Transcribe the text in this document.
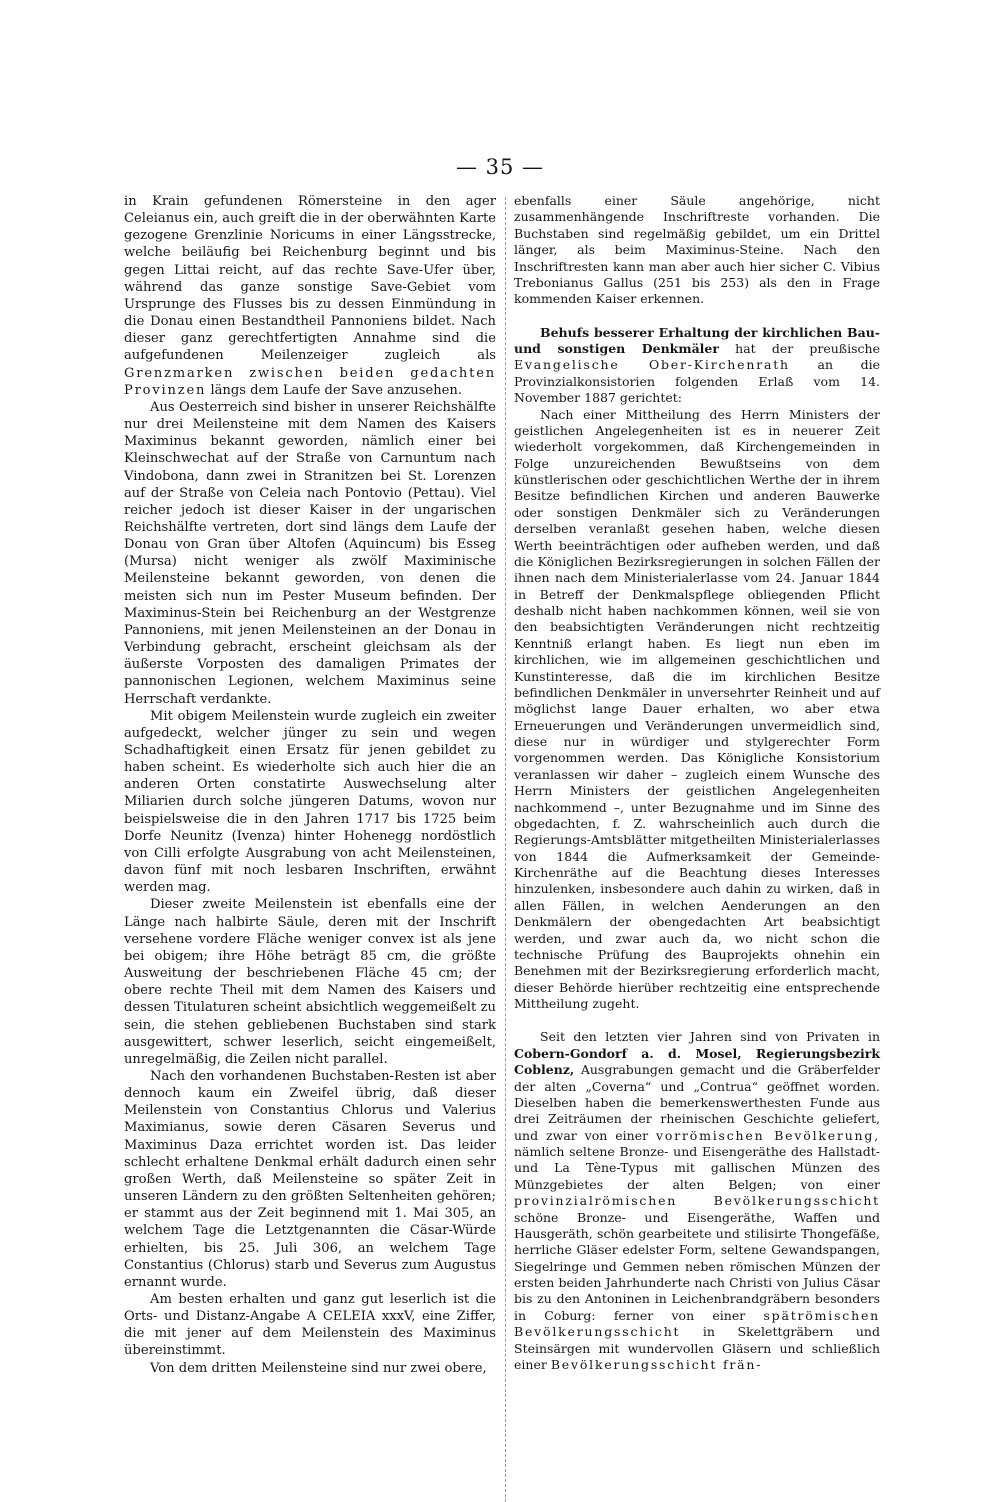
— 35 —

in Krain gefundenen Römersteine in den ager Celeianus ein, auch greift die in der oberwähnten Karte gezogene Grenzlinie Noricums in einer Längsstrecke, welche beiläufig bei Reichenburg beginnt und bis gegen Littai reicht, auf das rechte Save-Ufer über, während das ganze sonstige Save-Gebiet vom Ursprunge des Flusses bis zu dessen Einmündung in die Donau einen Bestandtheil Pannoniens bildet. Nach dieser ganz gerechtfertigten Annahme sind die aufgefundenen Meilenzeiger zugleich als Grenzmarken zwischen beiden gedachten Provinzen längs dem Laufe der Save anzusehen.

Aus Oesterreich sind bisher in unserer Reichshälfte nur drei Meilensteine mit dem Namen des Kaisers Maximinus bekannt geworden, nämlich einer bei Kleinschwechat auf der Straße von Carnuntum nach Vindobona, dann zwei in Stranitzen bei St. Lorenzen auf der Straße von Celeia nach Pontovio (Pettau). Viel reicher jedoch ist dieser Kaiser in der ungarischen Reichshälfte vertreten, dort sind längs dem Laufe der Donau von Gran über Altofen (Aquincum) bis Esseg (Mursa) nicht weniger als zwölf Maximinische Meilensteine bekannt geworden, von denen die meisten sich nun im Pester Museum befinden. Der Maximinus-Stein bei Reichenburg an der Westgrenze Pannoniens, mit jenen Meilensteinen an der Donau in Verbindung gebracht, erscheint gleichsam als der äußerste Vorposten des damaligen Primates der pannonischen Legionen, welchem Maximinus seine Herrschaft verdankte.

Mit obigem Meilenstein wurde zugleich ein zweiter aufgedeckt, welcher jünger zu sein und wegen Schadhaftigkeit einen Ersatz für jenen gebildet zu haben scheint. Es wiederholte sich auch hier die an anderen Orten constatirte Auswechselung alter Miliarien durch solche jüngeren Datums, wovon nur beispielsweise die in den Jahren 1717 bis 1725 beim Dorfe Neunitz (Ivenza) hinter Hohenegg nordöstlich von Cilli erfolgte Ausgrabung von acht Meilensteinen, davon fünf mit noch lesbaren Inschriften, erwähnt werden mag.

Dieser zweite Meilenstein ist ebenfalls eine der Länge nach halbirte Säule, deren mit der Inschrift versehene vordere Fläche weniger convex ist als jene bei obigem; ihre Höhe beträgt 85 cm, die größte Ausweitung der beschriebenen Fläche 45 cm; der obere rechte Theil mit dem Namen des Kaisers und dessen Titulaturen scheint absichtlich weggemeißelt zu sein, die stehen gebliebenen Buchstaben sind stark ausgewittert, schwer leserlich, seicht eingemeißelt, unregelmäßig, die Zeilen nicht parallel.

Nach den vorhandenen Buchstaben-Resten ist aber dennoch kaum ein Zweifel übrig, daß dieser Meilenstein von Constantius Chlorus und Valerius Maximianus, sowie deren Cäsaren Severus und Maximinus Daza errichtet worden ist. Das leider schlecht erhaltene Denkmal erhält dadurch einen sehr großen Werth, daß Meilensteine so später Zeit in unseren Ländern zu den größten Seltenheiten gehören; er stammt aus der Zeit beginnend mit 1. Mai 305, an welchem Tage die Letztgenannten die Cäsar-Würde erhielten, bis 25. Juli 306, an welchem Tage Constantius (Chlorus) starb und Severus zum Augustus ernannt wurde.

Am besten erhalten und ganz gut leserlich ist die Orts- und Distanz-Angabe A CELEIA xxxV, eine Ziffer, die mit jener auf dem Meilenstein des Maximinus übereinstimmt.

Von dem dritten Meilensteine sind nur zwei obere,

ebenfalls einer Säule angehörige, nicht zusammenhängende Inschriftreste vorhanden. Die Buchstaben sind regelmäßig gebildet, um ein Drittel länger, als beim Maximinus-Steine. Nach den Inschriftresten kann man aber auch hier sicher C. Vibius Trebonianus Gallus (251 bis 253) als den in Frage kommenden Kaiser erkennen.

Behufs besserer Erhaltung der kirchlichen Bau- und sonstigen Denkmäler hat der preußische Evangelische Ober-Kirchenrath an die Provinzialkonsistorien folgenden Erlaß vom 14. November 1887 gerichtet:

Nach einer Mittheilung des Herrn Ministers der geistlichen Angelegenheiten ist es in neuerer Zeit wiederholt vorgekommen, daß Kirchengemeinden in Folge unzureichenden Bewußtseins von dem künstlerischen oder geschichtlichen Werthe der in ihrem Besitze befindlichen Kirchen und anderen Bauwerke oder sonstigen Denkmäler sich zu Veränderungen derselben veranlaßt gesehen haben, welche diesen Werth beeinträchtigen oder aufheben werden, und daß die Königlichen Bezirksregierungen in solchen Fällen der ihnen nach dem Ministerialerlasse vom 24. Januar 1844 in Betreff der Denkmalspflege obliegenden Pflicht deshalb nicht haben nachkommen können, weil sie von den beabsichtigten Veränderungen nicht rechtzeitig Kenntniß erlangt haben. Es liegt nun eben im kirchlichen, wie im allgemeinen geschichtlichen und Kunstinteresse, daß die im kirchlichen Besitze befindlichen Denkmäler in unversehrter Reinheit und auf möglichst lange Dauer erhalten, wo aber etwa Erneuerungen und Veränderungen unvermeidlich sind, diese nur in würdiger und stylgerechter Form vorgenommen werden. Das Königliche Konsistorium veranlassen wir daher – zugleich einem Wunsche des Herrn Ministers der geistlichen Angelegenheiten nachkommend –, unter Bezugnahme und im Sinne des obgedachten, f. Z. wahrscheinlich auch durch die Regierungs-Amtsblätter mitgetheilten Ministerialerlasses von 1844 die Aufmerksamkeit der Gemeinde-Kirchenräthe auf die Beachtung dieses Interesses hinzulenken, insbesondere auch dahin zu wirken, daß in allen Fällen, in welchen Aenderungen an den Denkmälern der obengedachten Art beabsichtigt werden, und zwar auch da, wo nicht schon die technische Prüfung des Bauprojekts ohnehin ein Benehmen mit der Bezirksregierung erforderlich macht, dieser Behörde hierüber rechtzeitig eine entsprechende Mittheilung zugeht.

Seit den letzten vier Jahren sind von Privaten in Cobern-Gondorf a. d. Mosel, Regierungsbezirk Coblenz, Ausgrabungen gemacht und die Gräberfelder der alten „Coverna“ und „Contrua“ geöffnet worden. Dieselben haben die bemerkenswerthesten Funde aus drei Zeiträumen der rheinischen Geschichte geliefert, und zwar von einer vorrömischen Bevölkerung, nämlich seltene Bronze- und Eisengeräthe des Hallstadt- und La Tène-Typus mit gallischen Münzen des Münzgebietes der alten Belgen; von einer provinzialrömischen Bevölkerungsschicht schöne Bronze- und Eisengeräthe, Waffen und Hausgeräth, schön gearbeitete und stilisirte Thongefäße, herrliche Gläser edelster Form, seltene Gewandspangen, Siegelringe und Gemmen neben römischen Münzen der ersten beiden Jahrhunderte nach Christi von Julius Cäsar bis zu den Antoninen in Leichenbrandgräbern besonders in Coburg: ferner von einer spätrömischen Bevölkerungsschicht in Skelettgräbern und Steinsärgen mit wundervollen Gläsern und schließlich einer Bevölkerungsschicht frän-
